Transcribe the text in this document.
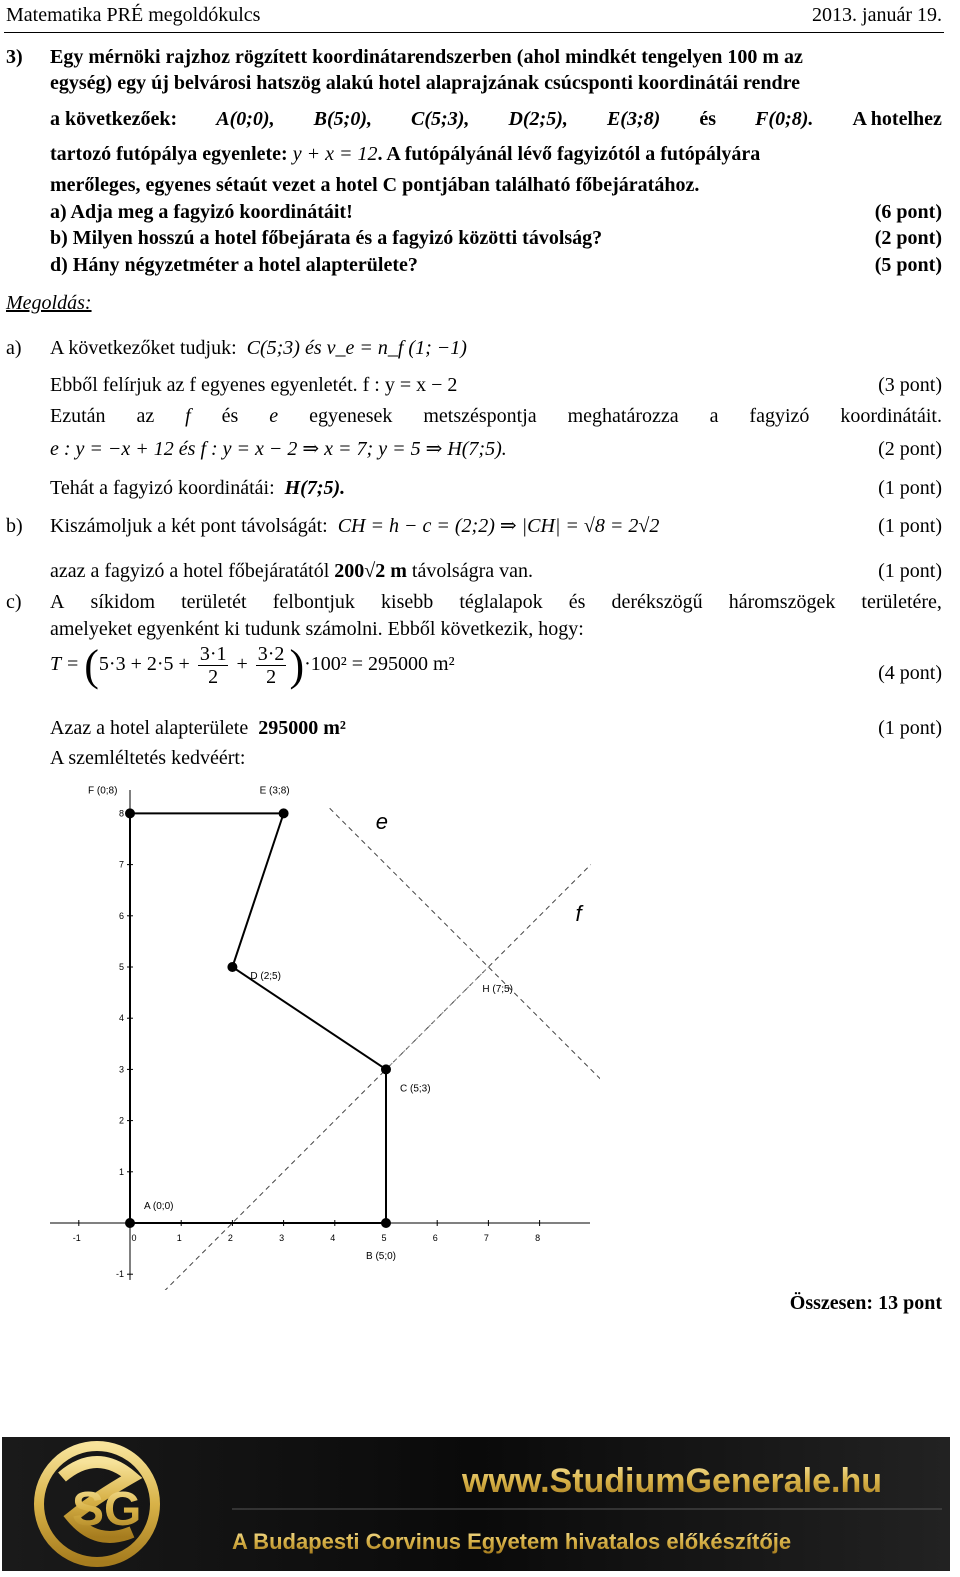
Matematika PRÉ megoldókulcs	2013. január 19.
3) Egy mérnöki rajzhoz rögzített koordinátarendszerben (ahol mindkét tengelyen 100 m az
egység) egy új belvárosi hatszög alakú hotel alaprajzának csúcsponti koordinátái rendre
a következőek: A(0;0), B(5;0), C(5;3), D(2;5), E(3;8) és F(0;8). A hotelhez
tartozó futópálya egyenlete: y + x = 12. A futópályánál lévő fagyizótól a futópályára
merőleges, egyenes sétaút vezet a hotel C pontjában található főbejáratához.
a) Adja meg a fagyizó koordinátáit!	(6 pont)
b) Milyen hosszú a hotel főbejárata és a fagyizó közötti távolság?	(2 pont)
d) Hány négyzetméter a hotel alapterülete?	(5 pont)
Megoldás:
a) A következőket tudjuk: C(5;3) és v_e = n_f (1; −1)
Ebből felírjuk az f egyenes egyenletét. f : y = x − 2	(3 pont)
Ezután az f és e egyenesek metszéspontja meghatározza a fagyizó koordinátáit.
e : y = −x + 12 és f : y = x − 2 ⇒ x = 7; y = 5 ⇒ H(7;5).	(2 pont)
Tehát a fagyizó koordinátái: H(7;5).	(1 pont)
b) Kiszámoljuk a két pont távolságát: CH = h − c = (2;2) ⇒ |CH| = √8 = 2√2	(1 pont)
azaz a fagyizó a hotel főbejáratától 200√2 m távolságra van.	(1 pont)
c) A síkidom területét felbontjuk kisebb téglalapok és derékszögű háromszögek területére,
amelyeket egyenként ki tudunk számolni. Ebből következik, hogy:
$T = (5\cdot 3 + 2\cdot 5 + \frac{3\cdot 1}{2} + \frac{3\cdot 2}{2} )\cdot 100^2 = 295000$ m²	(4 pont)
Azaz a hotel alapterülete 295000 m²	(1 pont)
A szemléltetés kedvéért:
-1	0	1	2	3	4	5	6	7	8
-1
1
2
3
4
5
6
7
8
F (0;8)	E (3;8)
D (2;5)
C (5;3)
A (0;0)
B (5;0)
H (7;5)
e
f
Összesen: 13 pont
SG
www.StudiumGenerale.hu
A Budapesti Corvinus Egyetem hivatalos előkészítője
